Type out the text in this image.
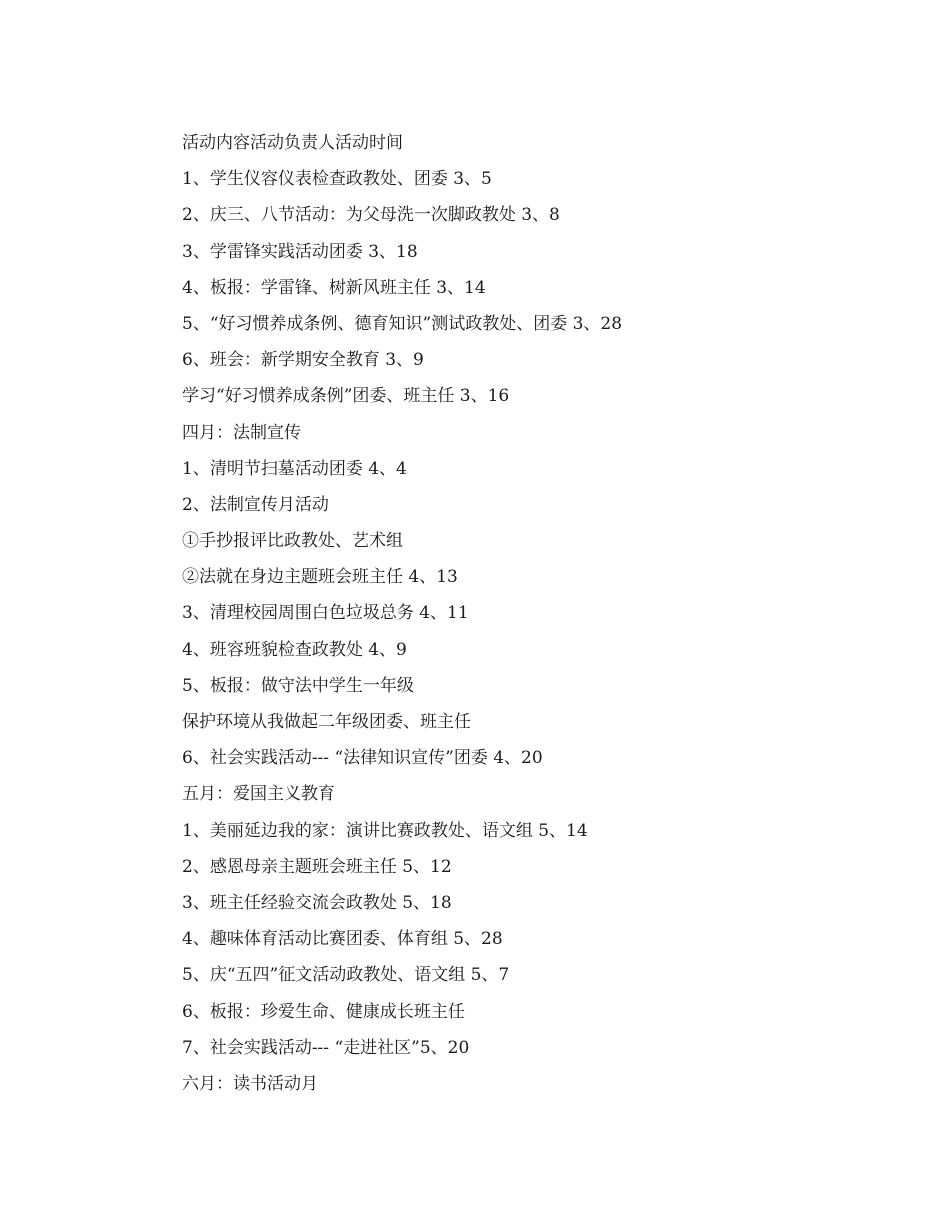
活动内容活动负责人活动时间
1、学生仪容仪表检查政教处、团委 3、5
2、庆三、八节活动：为父母洗一次脚政教处 3、8
3、学雷锋实践活动团委 3、18
4、板报：学雷锋、树新风班主任 3、14
5、“好习惯养成条例、德育知识”测试政教处、团委 3、28
6、班会：新学期安全教育 3、9
学习“好习惯养成条例”团委、班主任 3、16
四月：法制宣传
1、清明节扫墓活动团委 4、4
2、法制宣传月活动
①手抄报评比政教处、艺术组
②法就在身边主题班会班主任 4、13
3、清理校园周围白色垃圾总务 4、11
4、班容班貌检查政教处 4、9
5、板报：做守法中学生一年级
保护环境从我做起二年级团委、班主任
6、社会实践活动--- “法律知识宣传”团委 4、20
五月：爱国主义教育
1、美丽延边我的家：演讲比赛政教处、语文组 5、14
2、感恩母亲主题班会班主任 5、12
3、班主任经验交流会政教处 5、18
4、趣味体育活动比赛团委、体育组 5、28
5、庆“五四”征文活动政教处、语文组 5、7
6、板报：珍爱生命、健康成长班主任
7、社会实践活动--- “走进社区”5、20
六月：读书活动月
